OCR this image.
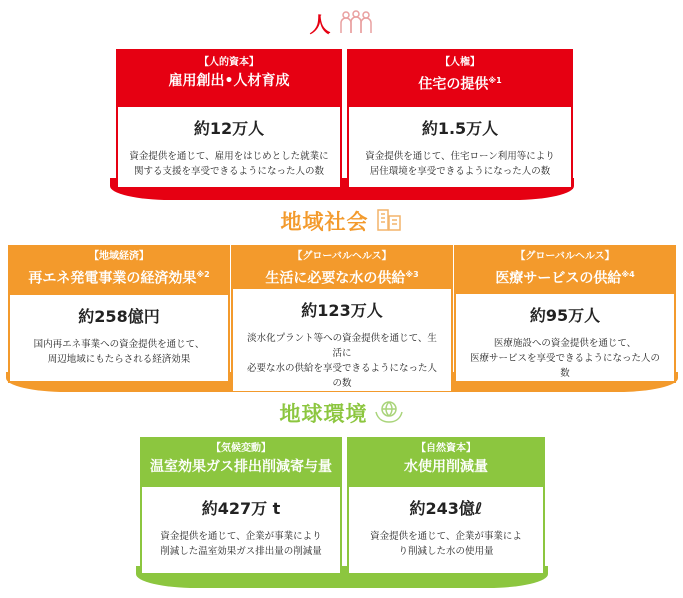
人
【人的資本】
雇用創出•人材育成
約12万人
資金提供を通じて、雇用をはじめとした就業に
関する支援を享受できるようになった人の数
【人権】
住宅の提供$^{※1}$
約1.5万人
資金提供を通じて、住宅ローン利用等により
居住環境を享受できるようになった人の数
地域社会
【地域経済】
再エネ発電事業の経済効果$^{※2}$
約258億円
国内再エネ事業への資金提供を通じて、
周辺地域にもたらされる経済効果
【グローバルヘルス】
生活に必要な水の供給$^{※3}$
約123万人
淡水化プラント等への資金提供を通じて、生活に
必要な水の供給を享受できるようになった人の数
【グローバルヘルス】
医療サービスの供給$^{※4}$
約95万人
医療施設への資金提供を通じて、
医療サービスを享受できるようになった人の数
地球環境
【気候変動】
温室効果ガス排出削減寄与量
約427万 t
資金提供を通じて、企業が事業により
削減した温室効果ガス排出量の削減量
【自然資本】
水使用削減量
約243億ℓ
資金提供を通じて、企業が事業によ
り削減した水の使用量
